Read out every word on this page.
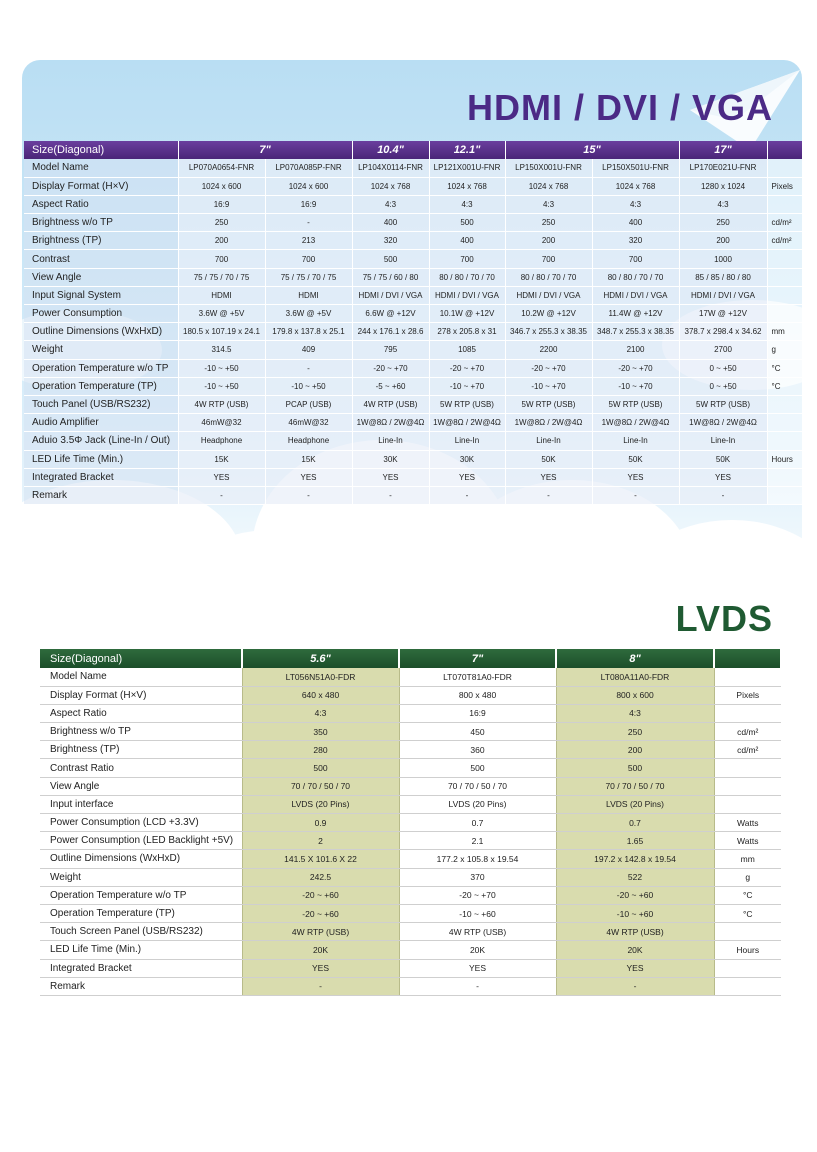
HDMI / DVI / VGA
Size(Diagonal)	7"		10.4"	12.1"	15"		17"	
Model Name	LP070A0654-FNR	LP070A085P-FNR	LP104X0114-FNR	LP121X001U-FNR	LP150X001U-FNR	LP150X501U-FNR	LP170E021U-FNR	
Display Format (H×V)	1024 x 600	1024 x 600	1024 x 768	1024 x 768	1024 x 768	1024 x 768	1280 x 1024	Pixels
Aspect Ratio	16:9	16:9	4:3	4:3	4:3	4:3	4:3	
Brightness w/o TP	250	-	400	500	250	400	250	cd/m²
Brightness (TP)	200	213	320	400	200	320	200	cd/m²
Contrast	700	700	500	700	700	700	1000	
View Angle	75 / 75 / 70 / 75	75 / 75 / 70 / 75	75 / 75 / 60 / 80	80 / 80 / 70 / 70	80 / 80 / 70 / 70	80 / 80 / 70 / 70	85 / 85 / 80 / 80	
Input Signal System	HDMI	HDMI	HDMI / DVI / VGA	HDMI / DVI / VGA	HDMI / DVI / VGA	HDMI / DVI / VGA	HDMI / DVI / VGA	
Power Consumption	3.6W @ +5V	3.6W @ +5V	6.6W @ +12V	10.1W @ +12V	10.2W @ +12V	11.4W @ +12V	17W @ +12V	
Outline Dimensions (WxHxD)	180.5 x 107.19 x 24.1	179.8 x 137.8 x 25.1	244 x 176.1 x 28.6	278 x 205.8 x 31	346.7 x 255.3 x 38.35	348.7 x 255.3 x 38.35	378.7 x 298.4 x 34.62	mm
Weight	314.5	409	795	1085	2200	2100	2700	g
Operation Temperature w/o TP	-10 ~ +50	-	-20 ~ +70	-20 ~ +70	-20 ~ +70	-20 ~ +70	0 ~ +50	°C
Operation Temperature (TP)	-10 ~ +50	-10 ~ +50	-5 ~ +60	-10 ~ +70	-10 ~ +70	-10 ~ +70	0 ~ +50	°C
Touch Panel (USB/RS232)	4W RTP (USB)	PCAP (USB)	4W RTP (USB)	5W RTP (USB)	5W RTP (USB)	5W RTP (USB)	5W RTP (USB)	
Audio Amplifier	46mW@32	46mW@32	1W@8Ω / 2W@4Ω	1W@8Ω / 2W@4Ω	1W@8Ω / 2W@4Ω	1W@8Ω / 2W@4Ω	1W@8Ω / 2W@4Ω	
Aduio 3.5Φ Jack (Line-In / Out)	Headphone	Headphone	Line-In	Line-In	Line-In	Line-In	Line-In	
LED Life Time (Min.)	15K	15K	30K	30K	50K	50K	50K	Hours
Integrated Bracket	YES	YES	YES	YES	YES	YES	YES	
Remark	-	-	-	-	-	-	-	
LVDS
Size(Diagonal)	5.6"	7"	8"	
Model Name	LT056N51A0-FDR	LT070T81A0-FDR	LT080A11A0-FDR	
Display Format (H×V)	640 x 480	800 x 480	800 x 600	Pixels
Aspect Ratio	4:3	16:9	4:3	
Brightness w/o TP	350	450	250	cd/m²
Brightness (TP)	280	360	200	cd/m²
Contrast Ratio	500	500	500	
View Angle	70 / 70 / 50 / 70	70 / 70 / 50 / 70	70 / 70 / 50 / 70	
Input interface	LVDS (20 Pins)	LVDS (20 Pins)	LVDS (20 Pins)	
Power Consumption (LCD +3.3V)	0.9	0.7	0.7	Watts
Power Consumption (LED Backlight +5V)	2	2.1	1.65	Watts
Outline Dimensions (WxHxD)	141.5 X 101.6 X 22	177.2 x 105.8 x 19.54	197.2 x 142.8 x 19.54	mm
Weight	242.5	370	522	g
Operation Temperature w/o TP	-20 ~ +60	-20 ~ +70	-20 ~ +60	°C
Operation Temperature (TP)	-20 ~ +60	-10 ~ +60	-10 ~ +60	°C
Touch Screen Panel (USB/RS232)	4W RTP (USB)	4W RTP (USB)	4W RTP (USB)	
LED Life Time (Min.)	20K	20K	20K	Hours
Integrated Bracket	YES	YES	YES	
Remark	-	-	-	
